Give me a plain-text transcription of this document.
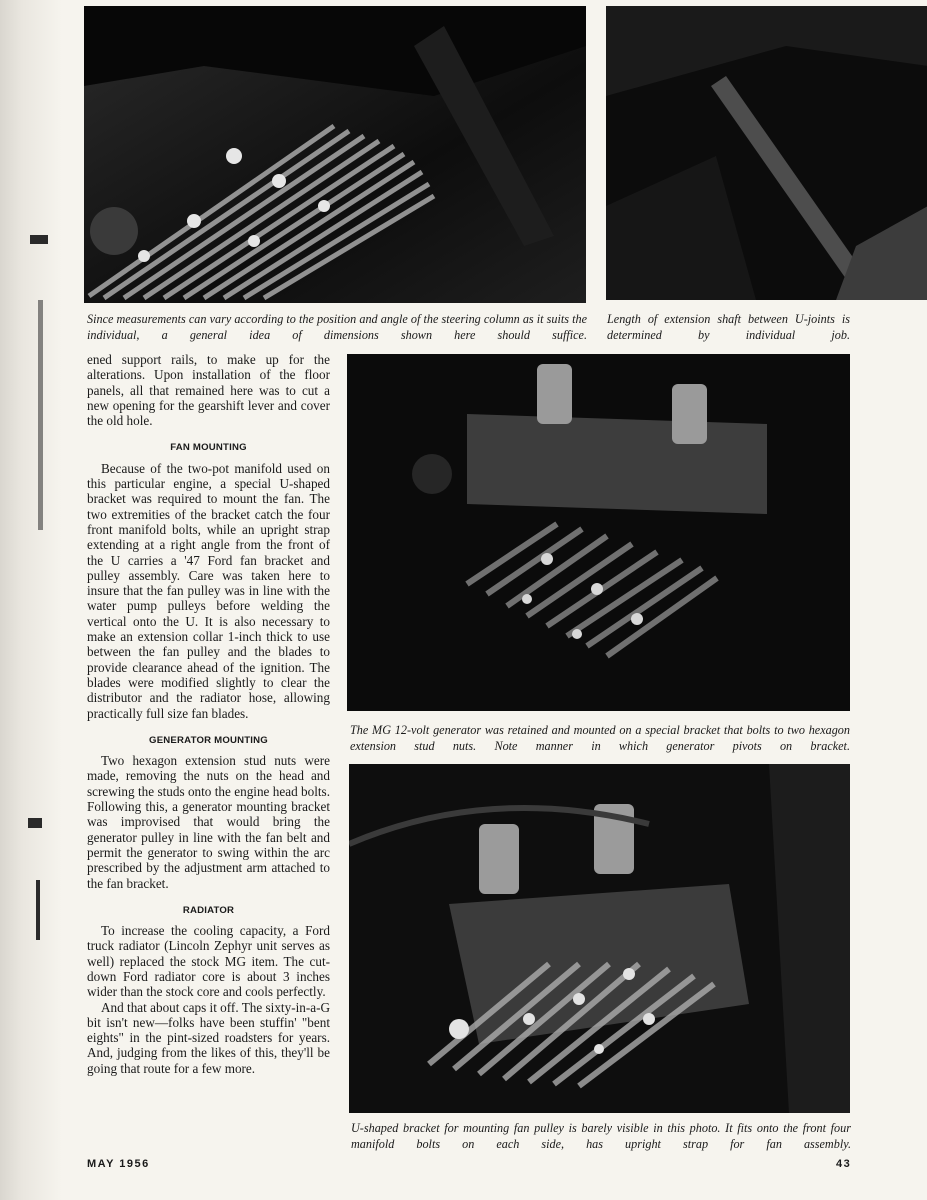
Since measurements can vary according to the position and angle of the steering column as it suits the individual, a general idea of dimensions shown here should suffice.

Length of extension shaft between U-joints is determined by individual job.

The MG 12-volt generator was retained and mounted on a special bracket that bolts to two hexagon extension stud nuts. Note manner in which generator pivots on bracket.

U-shaped bracket for mounting fan pulley is barely visible in this photo. It fits onto the front four manifold bolts on each side, has upright strap for fan assembly.

ened support rails, to make up for the alterations. Upon installation of the floor panels, all that remained here was to cut a new opening for the gearshift lever and cover the old hole.

FAN MOUNTING

Because of the two-pot manifold used on this particular engine, a special U-shaped bracket was required to mount the fan. The two extremities of the bracket catch the four front manifold bolts, while an upright strap extending at a right angle from the front of the U carries a '47 Ford fan bracket and pulley assembly. Care was taken here to insure that the fan pulley was in line with the water pump pulleys before welding the vertical onto the U. It is also necessary to make an extension collar 1-inch thick to use between the fan pulley and the blades to provide clearance ahead of the ignition. The blades were modified slightly to clear the distributor and the radiator hose, allowing practically full size fan blades.

GENERATOR MOUNTING

Two hexagon extension stud nuts were made, removing the nuts on the head and screwing the studs onto the engine head bolts. Following this, a generator mounting bracket was improvised that would bring the generator pulley in line with the fan belt and permit the generator to swing within the arc prescribed by the adjustment arm attached to the fan bracket.

RADIATOR

To increase the cooling capacity, a Ford truck radiator (Lincoln Zephyr unit serves as well) replaced the stock MG item. The cut-down Ford radiator core is about 3 inches wider than the stock core and cools perfectly.

And that about caps it off. The sixty-in-a-G bit isn't new—folks have been stuffin' "bent eights" in the pint-sized roadsters for years. And, judging from the likes of this, they'll be going that route for a few more.

MAY 1956	43
